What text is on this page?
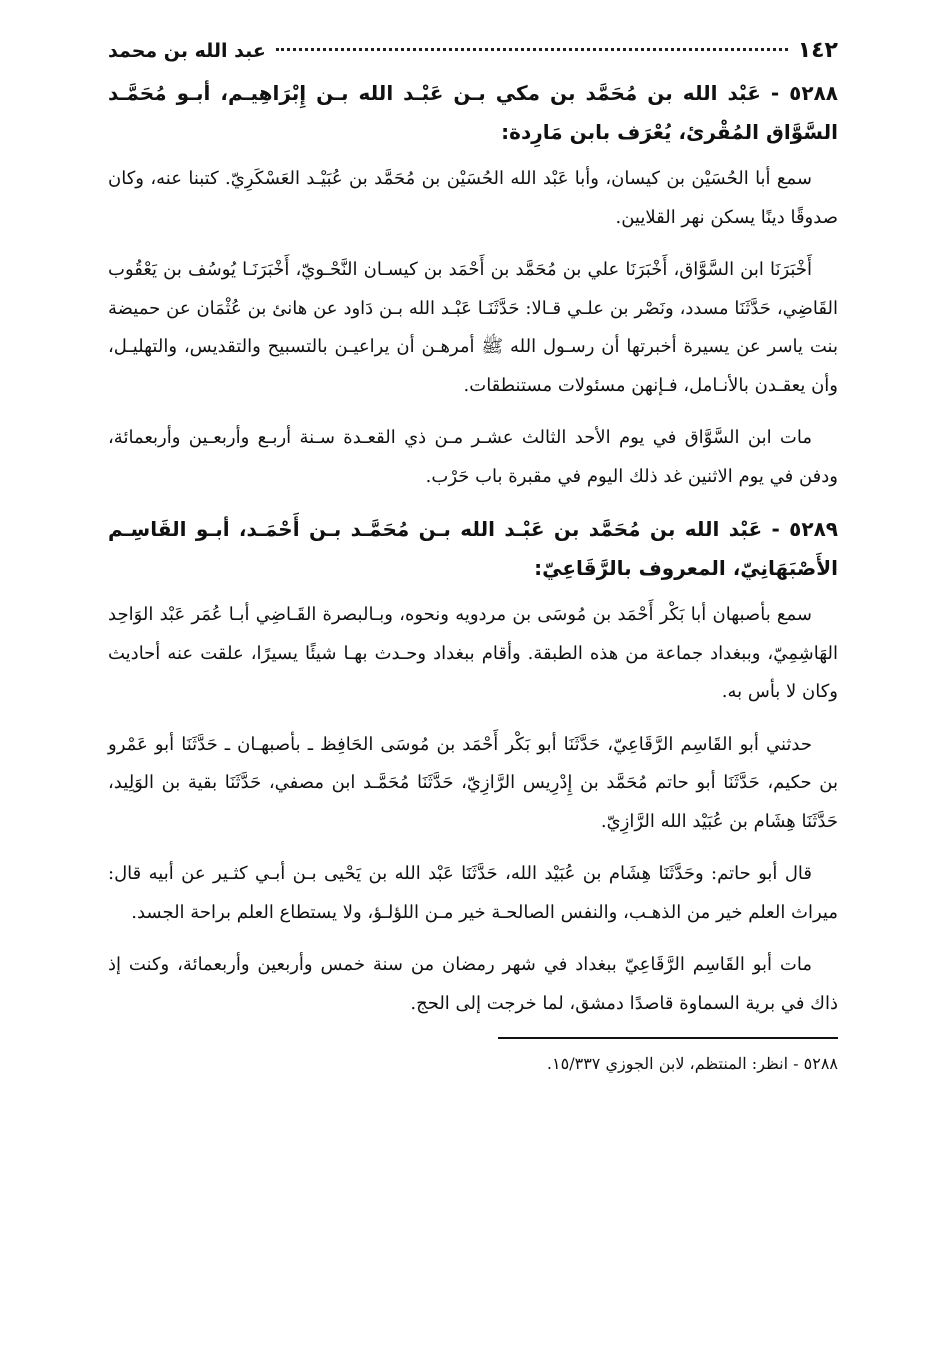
١٤٢
عبد الله بن محمد
٥٢٨٨ - عَبْد الله بن مُحَمَّد بن مكي بـن عَبْـد الله بـن إِبْرَاهِيـم، أبـو مُحَمَّـد السَّوَّاق المُقْرئ، يُعْرَف بابن مَارِدة:

سمع أبا الحُسَيْن بن كيسان، وأبا عَبْد الله الحُسَيْن بن مُحَمَّد بن عُبَيْـد العَسْكَرِيّ. كتبنا عنه، وكان صدوقًا دينًا يسكن نهر القلايين.

أَخْبَرَنَا ابن السَّوَّاق، أَخْبَرَنَا علي بن مُحَمَّد بن أَحْمَد بن كيسـان النَّحْـويّ، أَخْبَرَنَـا يُوسُف بن يَعْقُوب القَاضِي، حَدَّثَنَا مسدد، ونَصْر بن علـي قـالا: حَدَّثَنَـا عَبْـد الله بـن دَاود عن هانئ بن عُثْمَان عن حميضة بنت ياسر عن يسيرة أخبرتها أن رسـول الله ﷺ أمرهـن أن يراعيـن بالتسبيح والتقديس، والتهليـل، وأن يعقـدن بالأنـامل، فـإنهن مسئولات مستنطقات.

مات ابن السَّوَّاق في يوم الأحد الثالث عشـر مـن ذي القعـدة سـنة أربـع وأربعـين وأربعمائة، ودفن في يوم الاثنين غد ذلك اليوم في مقبرة باب حَرْب.

٥٢٨٩ - عَبْد الله بن مُحَمَّد بن عَبْـد الله بـن مُحَمَّـد بـن أَحْمَـد، أبـو القَاسِـم الأَصْبَهَانِيّ، المعروف بالرَّقَاعِيّ:

سمع بأصبهان أبا بَكْر أَحْمَد بن مُوسَى بن مردويه ونحوه، وبـالبصرة القَـاضِي أبـا عُمَر عَبْد الوَاحِد الهَاشِمِيّ، وببغداد جماعة من هذه الطبقة. وأقام ببغداد وحـدث بهـا شيئًا يسيرًا، علقت عنه أحاديث وكان لا بأس به.

حدثني أبو القَاسِم الرَّقَاعِيّ، حَدَّثَنَا أبو بَكْر أَحْمَد بن مُوسَى الحَافِظ ـ بأصبهـان ـ حَدَّثَنَا أبو عَمْرو بن حكيم، حَدَّثَنَا أبو حاتم مُحَمَّد بن إِدْرِيس الرَّازِيّ، حَدَّثَنَا مُحَمَّـد ابن مصفي، حَدَّثَنَا بقية بن الوَلِيد، حَدَّثَنَا هِشَام بن عُبَيْد الله الرَّازِيّ.

قال أبو حاتم: وحَدَّثَنَا هِشَام بن عُبَيْد الله، حَدَّثَنَا عَبْد الله بن يَحْيى بـن أبـي كثـير عن أبيه قال: ميراث العلم خير من الذهـب، والنفس الصالحـة خير مـن اللؤلـؤ، ولا يستطاع العلم براحة الجسد.

مات أبو القَاسِم الرَّقَاعِيّ ببغداد في شهر رمضان من سنة خمس وأربعين وأربعمائة، وكنت إذ ذاك في برية السماوة قاصدًا دمشق، لما خرجت إلى الحج.

٥٢٨٨ - انظر: المنتظم، لابن الجوزي ١٥/٣٣٧.
